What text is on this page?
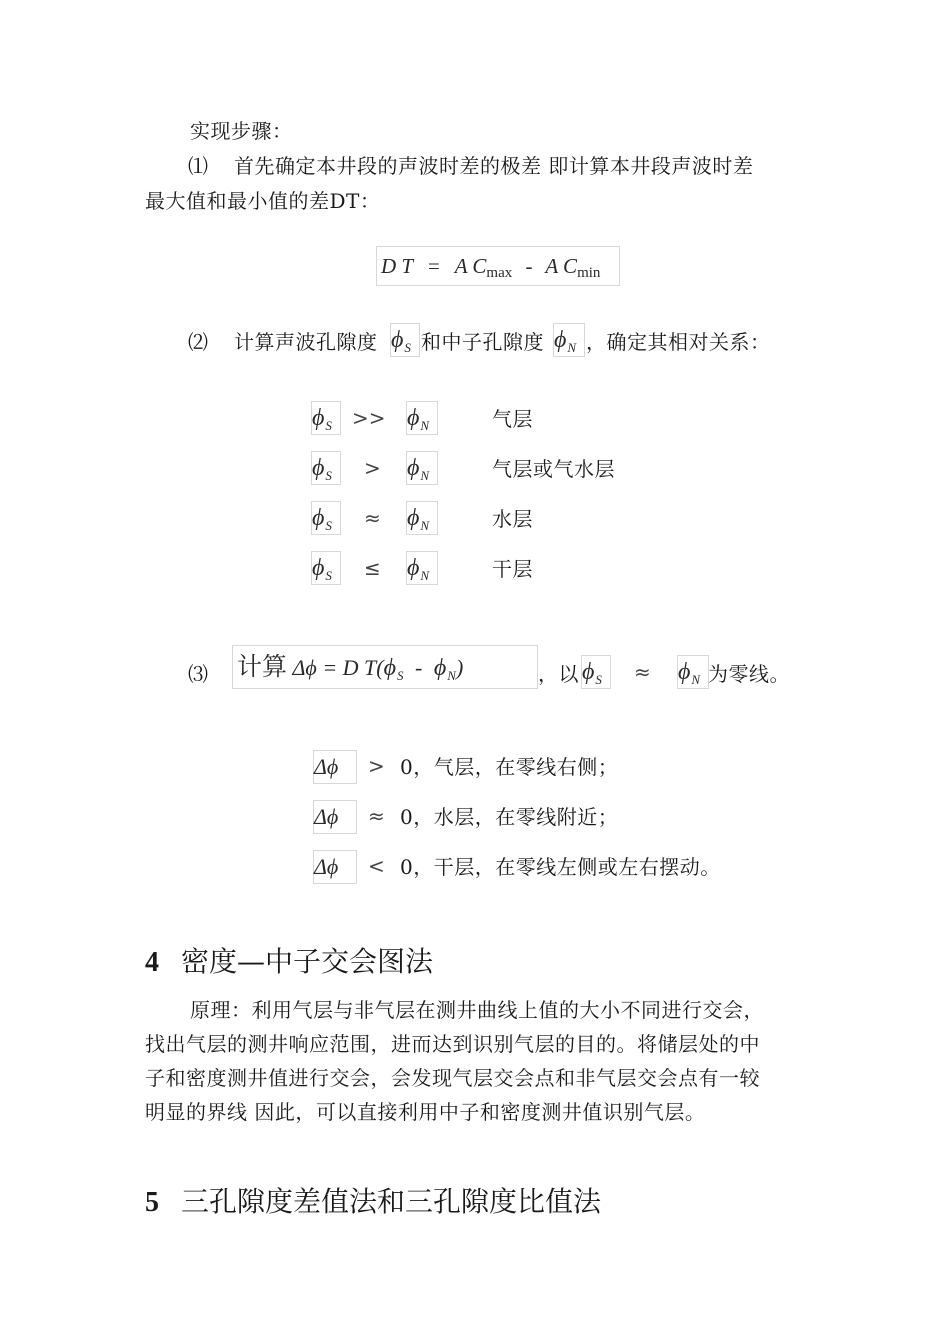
实现步骤：
⑴ 首先确定本井段的声波时差的极差 即计算本井段声波时差
最大值和最小值的差DT：
D T = A Cmax - A Cmin
⑵ 计算声波孔隙度 $\phi_S$ 和中子孔隙度 $\phi_N$ ，确定其相对关系：
$\phi_S$	>> $\phi_N$	气层
$\phi_S$	> $\phi_N$	气层或气水层
$\phi_S$	≈ $\phi_N$	水层
$\phi_S$	≤ $\phi_N$	干层
⑶ 计算 Δϕ = D $T(\phi_S - \phi_N)$	，以 $\phi_S$	≈ $\phi_N$ 为零线。
Δϕ	> 0，气层，在零线右侧；
Δϕ	≈ 0，水层，在零线附近；
Δϕ	< 0，干层，在零线左侧或左右摆动。
4 密度—中子交会图法
原理：利用气层与非气层在测井曲线上值的大小不同进行交会，
找出气层的测井响应范围，进而达到识别气层的目的。将储层处的中
子和密度测井值进行交会，会发现气层交会点和非气层交会点有一较
明显的界线 因此，可以直接利用中子和密度测井值识别气层。
5 三孔隙度差值法和三孔隙度比值法
